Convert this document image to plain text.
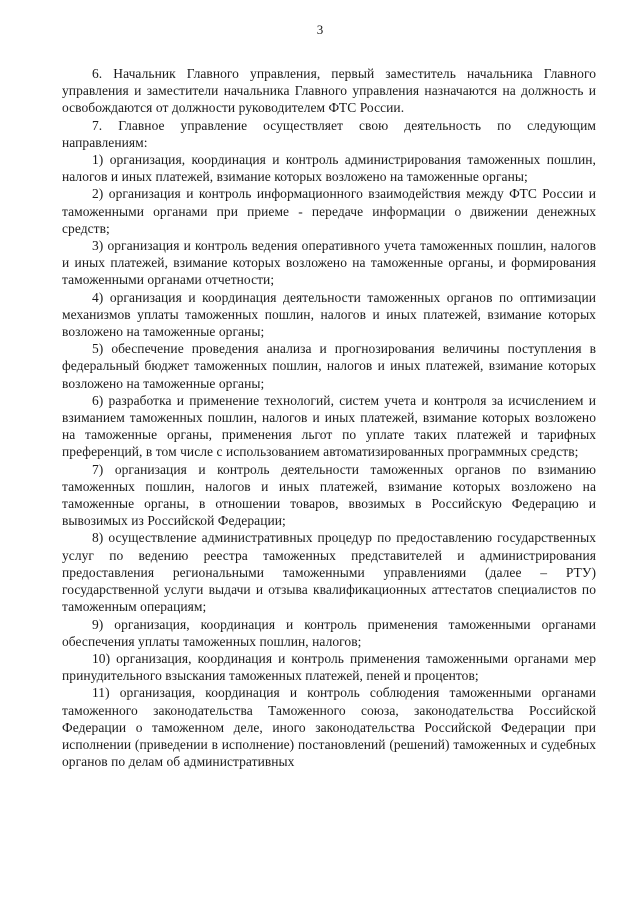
3

6. Начальник Главного управления, первый заместитель начальника Главного управления и заместители начальника Главного управления назначаются на должность и освобождаются от должности руководителем ФТС России.

7. Главное управление осуществляет свою деятельность по следующим направлениям:

1) организация, координация и контроль администрирования таможенных пошлин, налогов и иных платежей, взимание которых возложено на таможенные органы;

2) организация и контроль информационного взаимодействия между ФТС России и таможенными органами при приеме - передаче информации о движении денежных средств;

3) организация и контроль ведения оперативного учета таможенных пошлин, налогов и иных платежей, взимание которых возложено на таможенные органы, и формирования таможенными органами отчетности;

4) организация и координация деятельности таможенных органов по оптимизации механизмов уплаты таможенных пошлин, налогов и иных платежей, взимание которых возложено на таможенные органы;

5) обеспечение проведения анализа и прогнозирования величины поступления в федеральный бюджет таможенных пошлин, налогов и иных платежей, взимание которых возложено на таможенные органы;

6) разработка и применение технологий, систем учета и контроля за исчислением и взиманием таможенных пошлин, налогов и иных платежей, взимание которых возложено на таможенные органы, применения льгот по уплате таких платежей и тарифных преференций, в том числе с использованием автоматизированных программных средств;

7) организация и контроль деятельности таможенных органов по взиманию таможенных пошлин, налогов и иных платежей, взимание которых возложено на таможенные органы, в отношении товаров, ввозимых в Российскую Федерацию и вывозимых из Российской Федерации;

8) осуществление административных процедур по предоставлению государственных услуг по ведению реестра таможенных представителей и администрирования предоставления региональными таможенными управлениями (далее – РТУ) государственной услуги выдачи и отзыва квалификационных аттестатов специалистов по таможенным операциям;

9) организация, координация и контроль применения таможенными органами обеспечения уплаты таможенных пошлин, налогов;

10) организация, координация и контроль применения таможенными органами мер принудительного взыскания таможенных платежей, пеней и процентов;

11) организация, координация и контроль соблюдения таможенными органами таможенного законодательства Таможенного союза, законодательства Российской Федерации о таможенном деле, иного законодательства Российской Федерации при исполнении (приведении в исполнение) постановлений (решений) таможенных и судебных органов по делам об административных
